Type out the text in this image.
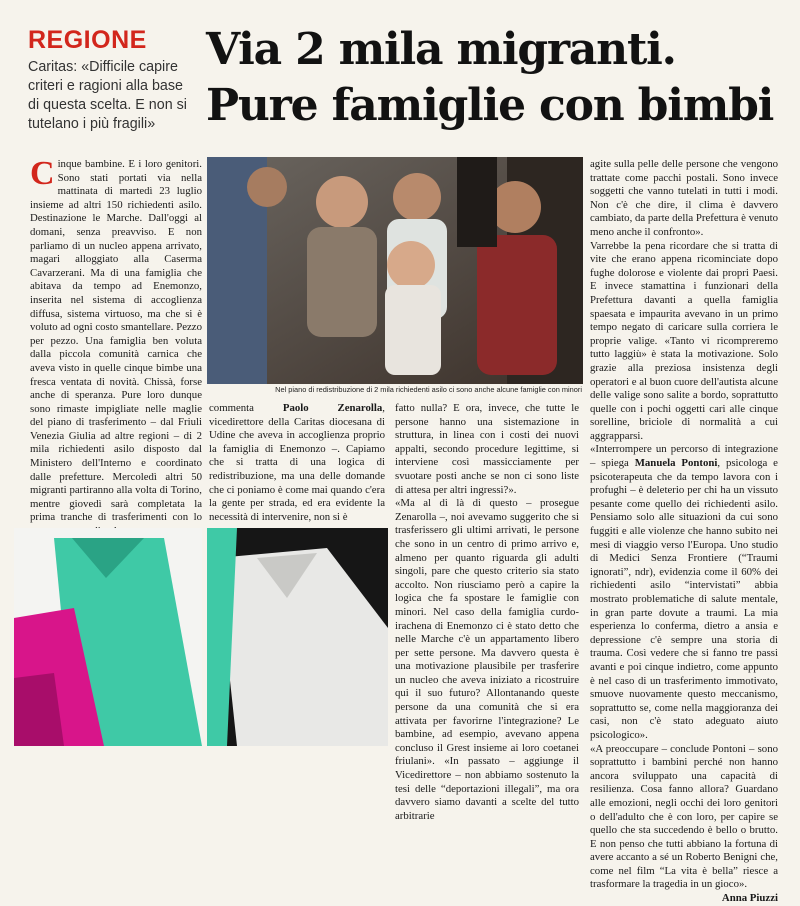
REGIONE
Caritas: «Difficile capire criteri e ragioni alla base di questa scelta. E non si tutelano i più fragili»
Via 2 mila migranti. Pure famiglie con bimbi

Cinque bambine. E i loro genitori. Sono stati portati via nella mattinata di martedì 23 luglio insieme ad altri 150 richiedenti asilo. Destinazione le Marche. Dall'oggi al domani, senza preavviso. E non parliamo di un nucleo appena arrivato, magari alloggiato alla Caserma Cavarzerani. Ma di una famiglia che abitava da tempo ad Enemonzo, inserita nel sistema di accoglienza diffusa, sistema virtuoso, ma che si è voluto ad ogni costo smantellare. Pezzo per pezzo. Una famiglia ben voluta dalla piccola comunità carnica che aveva visto in quelle cinque bimbe una fresca ventata di novità. Chissà, forse anche di speranza. Pure loro dunque sono rimaste impigliate nelle maglie del piano di trasferimento – dal Friuli Venezia Giulia ad altre regioni – di 2 mila richiedenti asilo disposto dal Ministero dell'Interno e coordinato dalle prefetture. Mercoledì altri 50 migranti partiranno alla volta di Torino, mentre giovedì sarà completata la prima tranche di trasferimenti con lo

Nel piano di redistribuzione di 2 mila richiedenti asilo ci sono anche alcune famiglie con minori

commenta Paolo Zenarolla, vicedirettore della Caritas diocesana di Udine che aveva in accoglienza proprio la famiglia di Enemonzo –. Capiamo che si tratta di una logica di redistribuzione, ma una delle domande che ci poniamo è come mai quando c'era la gente per strada, ed era evidente la necessità di intervenire, non si è

fatto nulla? E ora, invece, che tutte le persone hanno una sistemazione in struttura, in linea con i costi dei nuovi appalti, secondo procedure legittime, si interviene così massicciamente per svuotare posti anche se non ci sono liste di attesa per altri ingressi?».

«Ma al di là di questo – prosegue Zenarolla –, noi avevamo suggerito che si trasferissero gli ultimi arrivati, le persone che sono in un centro di primo arrivo e, almeno per quanto riguarda gli adulti singoli, pare che questo criterio sia stato accolto. Non riusciamo però a capire la logica che fa spostare le famiglie con minori. Nel caso della famiglia curdo-irachena di Enemonzo ci è stato detto che nelle Marche c'è un appartamento libero per sette persone. Ma davvero questa è una motivazione plausibile per trasferire un nucleo che aveva iniziato a ricostruire qui il suo futuro? Allontanando queste persone da una comunità che si era attivata per favorirne l'integrazione? Le bambine, ad esempio, avevano appena concluso il Grest insieme ai loro coetanei friulani». «In passato – aggiunge il Vicedirettore – non abbiamo sostenuto la tesi delle “deportazioni illegali”, ma ora davvero siamo davanti a scelte del tutto arbitrarie

agite sulla pelle delle persone che vengono trattate come pacchi postali. Sono invece soggetti che vanno tutelati in tutti i modi. Non c'è che dire, il clima è davvero cambiato, da parte della Prefettura è venuto meno anche il confronto».

Varrebbe la pena ricordare che si tratta di vite che erano appena ricominciate dopo fughe dolorose e violente dai propri Paesi. E invece stamattina i funzionari della Prefettura davanti a quella famiglia spaesata e impaurita avevano in un primo tempo negato di caricare sulla corriera le proprie valige. «Tanto vi ricompreremo tutto laggiù» è stata la motivazione. Solo grazie alla preziosa insistenza degli operatori e al buon cuore dell'autista alcune delle valige sono salite a bordo, soprattutto quelle con i pochi oggetti cari alle cinque sorelline, briciole di normalità a cui aggrapparsi.

«Interrompere un percorso di integrazione – spiega Manuela Pontoni, psicologa e psicoterapeuta che da tempo lavora con i profughi – è deleterio per chi ha un vissuto pesante come quello dei richiedenti asilo. Pensiamo solo alle situazioni da cui sono fuggiti e alle violenze che hanno subito nei mesi di viaggio verso l'Europa. Uno studio di Medici Senza Frontiere (“Traumi ignorati”, ndr), evidenzia come il 60% dei richiedenti asilo “intervistati” abbia mostrato problematiche di salute mentale, in gran parte dovute a traumi. La mia esperienza lo conferma, dietro a ansia e depressione c'è sempre una storia di trauma. Così vedere che si fanno tre passi avanti e poi cinque indietro, come appunto è nel caso di un trasferimento immotivato, smuove nuovamente questo meccanismo, soprattutto se, come nella maggioranza dei casi, non c'è stato adeguato aiuto psicologico».

«A preoccupare – conclude Pontoni – sono soprattutto i bambini perché non hanno ancora sviluppato una capacità di resilienza. Cosa fanno allora? Guardano alle emozioni, negli occhi dei loro genitori o dell'adulto che è con loro, per capire se quello che sta succedendo è bello o brutto. E non penso che tutti abbiano la fortuna di avere accanto a sé un Roberto Benigni che, come nel film “La vita è bella” riesce a trasformare la tragedia in un gioco».

Anna Piuzzi
